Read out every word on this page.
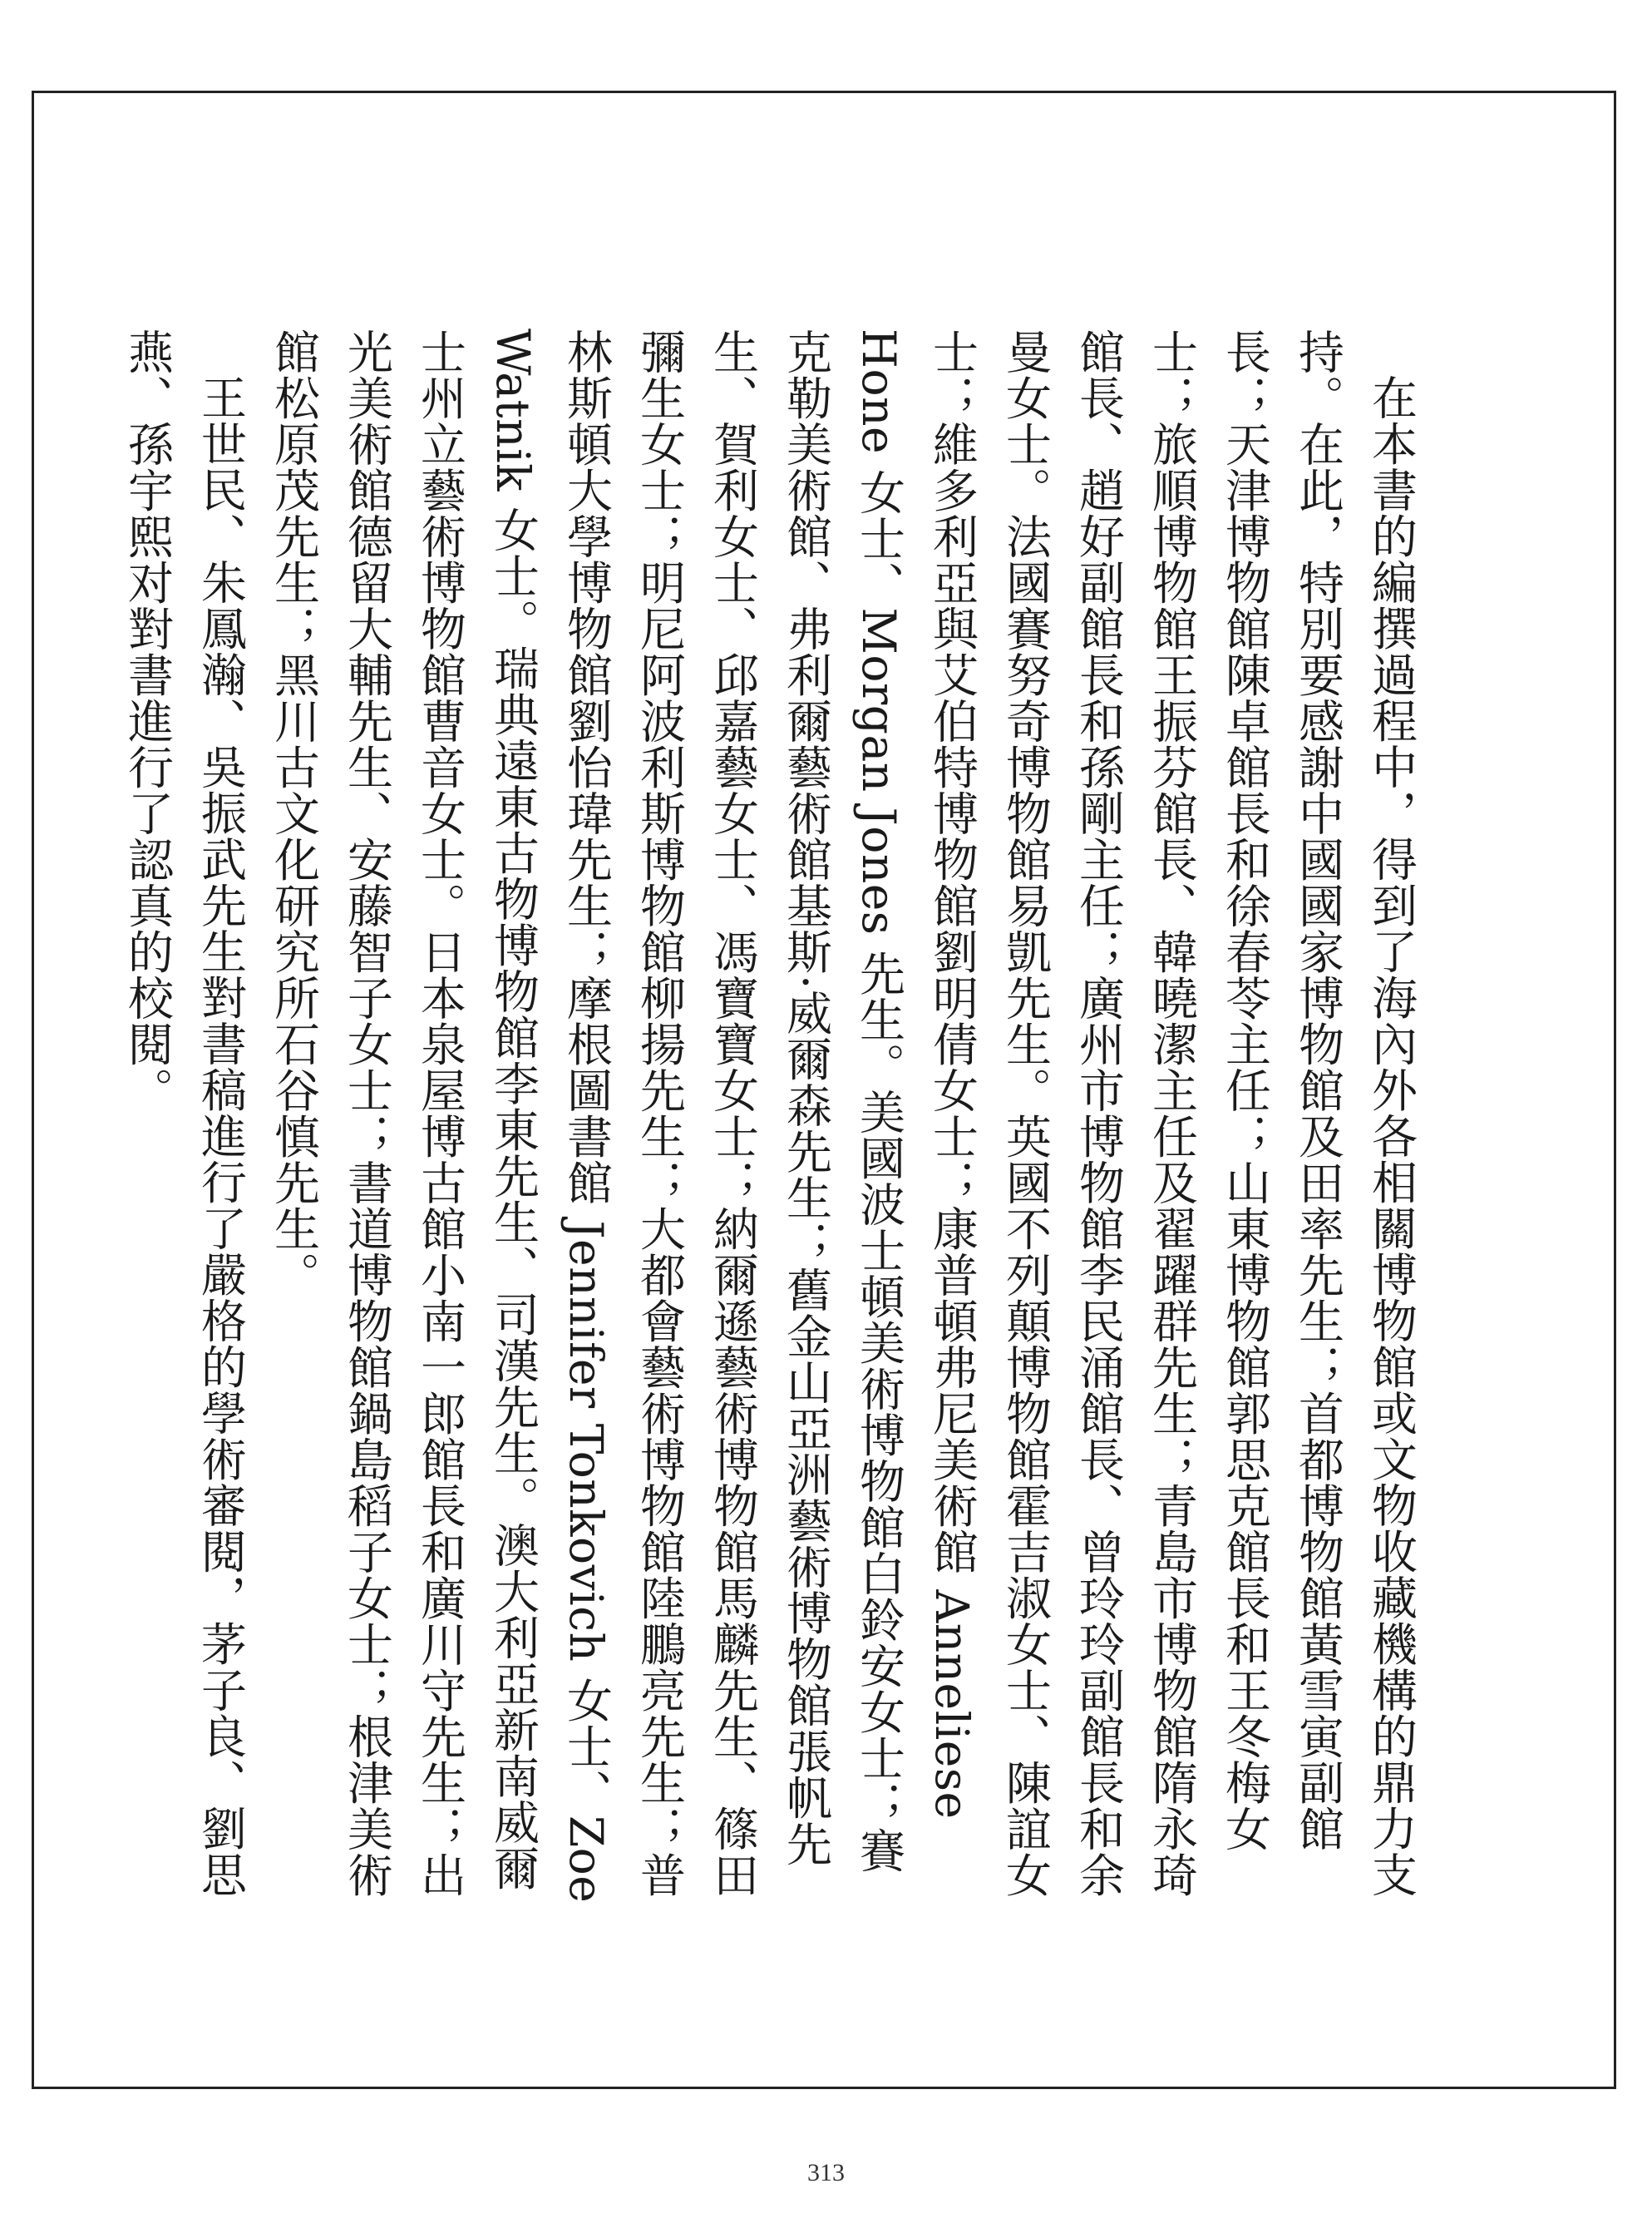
在本書的編撰過程中，得到了海內外各相關博物館或文物收藏機構的鼎力支持。在此，特別要感謝中國國家博物館及田率先生；首都博物館黃雪寅副館長；天津博物館陳卓館長和徐春苓主任；山東博物館郭思克館長和王冬梅女士；旅順博物館王振芬館長、韓曉潔主任及翟躍群先生；青島市博物館隋永琦館長、趙好副館長和孫剛主任；廣州市博物館李民涌館長、曾玲玲副館長和余曼女士。法國賽努奇博物館易凱先生。英國不列顛博物館霍吉淑女士、陳誼女士；維多利亞與艾伯特博物館劉明倩女士；康普頓弗尼美術館 Anneliese Hone 女士、Morgan Jones 先生。美國波士頓美術博物館白鈴安女士；賽克勒美術館、弗利爾藝術館基斯·威爾森先生；舊金山亞洲藝術博物館張帆先生、賀利女士、邱嘉藝女士、馮寶寶女士；納爾遜藝術博物館馬麟先生、篠田彌生女士；明尼阿波利斯博物館柳揚先生；大都會藝術博物館陸鵬亮先生；普林斯頓大學博物館劉怡瑋先生；摩根圖書館 Jennifer Tonkovich 女士、Zoe Watnik 女士。瑞典遠東古物博物館李東先生、司漢先生。澳大利亞新南威爾士州立藝術博物館曹音女士。日本泉屋博古館小南一郎館長和廣川守先生；出光美術館德留大輔先生、安藤智子女士；書道博物館鍋島稻子女士；根津美術館松原茂先生；黑川古文化研究所石谷慎先生。

王世民、朱鳳瀚、吳振武先生對書稿進行了嚴格的學術審閱，茅子良、劉思燕、孫宇熙对對書進行了認真的校閱。

313
